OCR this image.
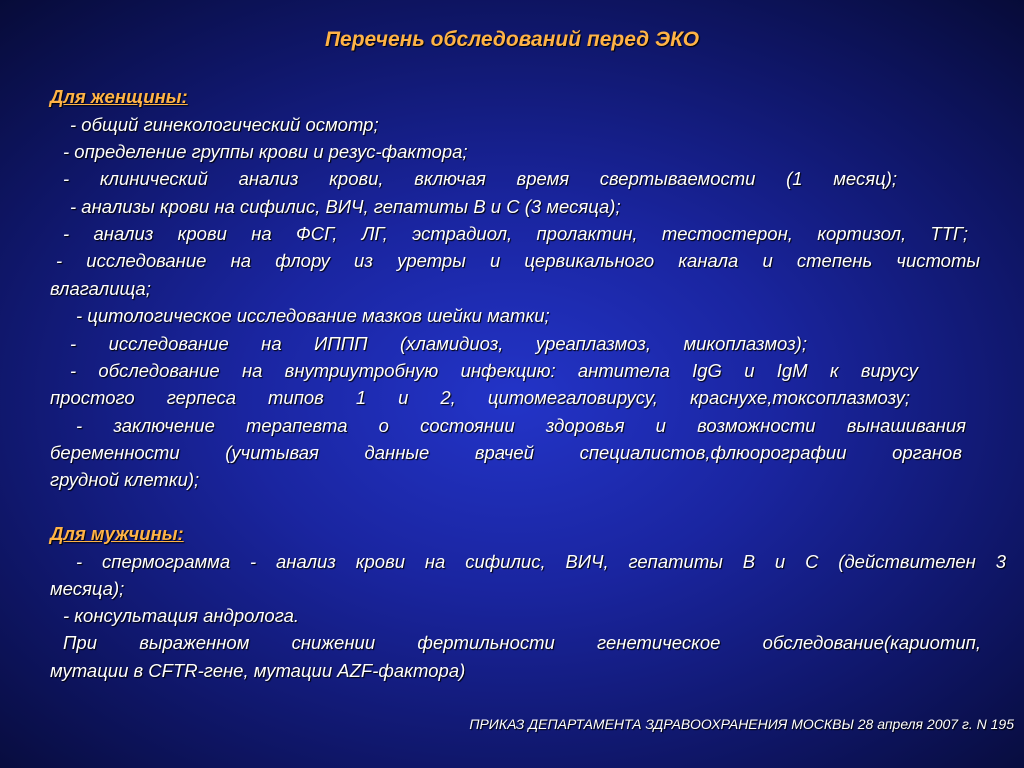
Перечень обследований перед ЭКО
Для женщины:
- общий гинекологический осмотр;
- определение группы крови и резус-фактора;
- клинический анализ крови, включая время свертываемости (1 месяц);
- анализы крови на сифилис, ВИЧ, гепатиты В и С (3 месяца);
- анализ крови на ФСГ, ЛГ, эстрадиол, пролактин, тестостерон, кортизол, ТТГ;
- исследование на флору из уретры и цервикального канала и степень чистоты
влагалища;
- цитологическое исследование мазков шейки матки;
- исследование на ИППП (хламидиоз, уреаплазмоз, микоплазмоз);
- обследование на внутриутробную инфекцию: антитела IgG и IgM к вирусу
простого герпеса типов 1 и 2, цитомегаловирусу, краснухе,токсоплазмозу;
- заключение терапевта о состоянии здоровья и возможности вынашивания
беременности (учитывая данные врачей специалистов,флюорографии органов
грудной клетки);
Для мужчины:
- спермограмма - анализ крови на сифилис, ВИЧ, гепатиты В и С (действителен 3
месяца);
- консультация андролога.
При выраженном снижении фертильности генетическое обследование(кариотип,
мутации в CFTR-гене, мутации AZF-фактора)
ПРИКАЗ ДЕПАРТАМЕНТА ЗДРАВООХРАНЕНИЯ МОСКВЫ 28 апреля 2007 г. N 195
